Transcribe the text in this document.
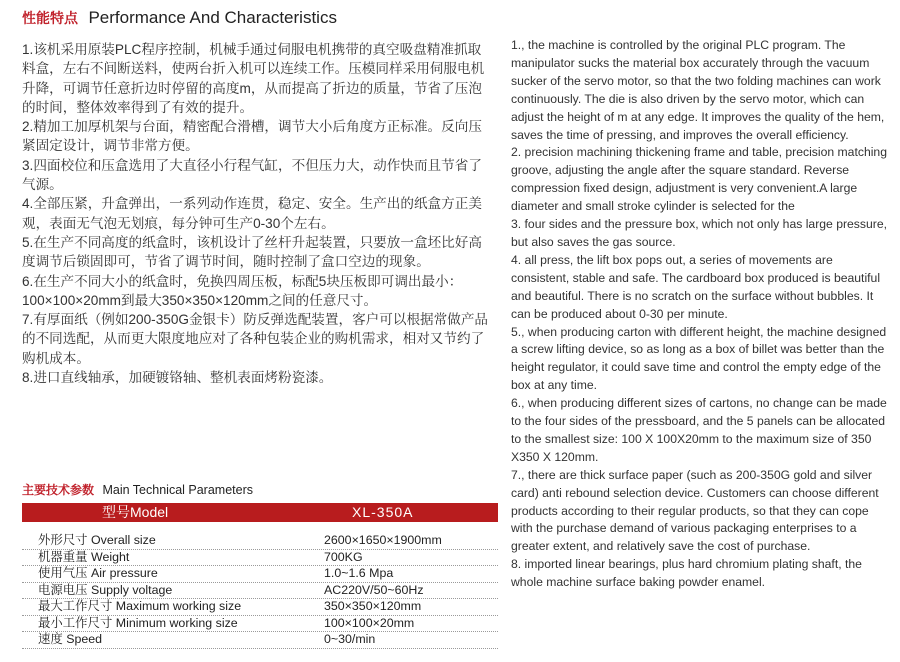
性能特点 Performance And Characteristics

1.该机采用原装PLC程序控制，机械手通过伺服电机携带的真空吸盘精准抓取料盒，左右不间断送料，使两台折入机可以连续工作。压模同样采用伺服电机升降，可调节任意折边时停留的高度m，从而提高了折边的质量，节省了压泡的时间，整体效率得到了有效的提升。

2.精加工加厚机架与台面，精密配合滑槽，调节大小后角度方正标准。反向压紧固定设计，调节非常方便。

3.四面校位和压盒选用了大直径小行程气缸，不但压力大，动作快而且节省了气源。

4.全部压紧，升盒弹出，一系列动作连贯，稳定、安全。生产出的纸盒方正美观，表面无气泡无划痕，每分钟可生产0-30个左右。

5.在生产不同高度的纸盒时，该机设计了丝杆升起装置，只要放一盒坯比好高度调节后锁固即可，节省了调节时间，随时控制了盒口空边的现象。

6.在生产不同大小的纸盒时，免换四周压板，标配5块压板即可调出最小：100×100×20mm到最大350×350×120mm之间的任意尺寸。

7.有厚面纸（例如200-350G金银卡）防反弹选配装置，客户可以根据常做产品的不同选配，从而更大限度地应对了各种包装企业的购机需求，相对又节约了购机成本。

8.进口直线轴承，加硬镀铬轴、整机表面烤粉瓷漆。

1., the machine is controlled by the original PLC program. The manipulator sucks the material box accurately through the vacuum sucker of the servo motor, so that the two folding machines can work continuously. The die is also driven by the servo motor, which can adjust the height of m at any edge. It improves the quality of the hem, saves the time of pressing, and improves the overall efficiency.

2. precision machining thickening frame and table, precision matching groove, adjusting the angle after the square standard. Reverse compression fixed design, adjustment is very convenient.A large diameter and small stroke cylinder is selected for the

3. four sides and the pressure box, which not only has large pressure, but also saves the gas source.

4. all press, the lift box pops out, a series of movements are consistent, stable and safe. The cardboard box produced is beautiful and beautiful. There is no scratch on the surface without bubbles. It can be produced about 0-30 per minute.

5., when producing carton with different height, the machine designed a screw lifting device, so as long as a box of billet was better than the height regulator, it could save time and control the empty edge of the box at any time.

6., when producing different sizes of cartons, no change can be made to the four sides of the pressboard, and the 5 panels can be allocated to the smallest size: 100 X 100X20mm to the maximum size of 350 X350 X 120mm.

7., there are thick surface paper (such as 200-350G gold and silver card) anti rebound selection device. Customers can choose different products according to their regular products, so that they can cope with the purchase demand of various packaging enterprises to a greater extent, and relatively save the cost of purchase.

8. imported linear bearings, plus hard chromium plating shaft, the whole machine surface baking powder enamel.

主要技术参数 Main Technical Parameters
型号Model	XL-350A
外形尺寸 Overall size	2600×1650×1900mm
机器重量 Weight	700KG
使用气压 Air pressure	1.0~1.6 Mpa
电源电压 Supply voltage	AC220V/50~60Hz
最大工作尺寸 Maximum working size	350×350×120mm
最小工作尺寸 Minimum working size	100×100×20mm
速度 Speed	0~30/min
